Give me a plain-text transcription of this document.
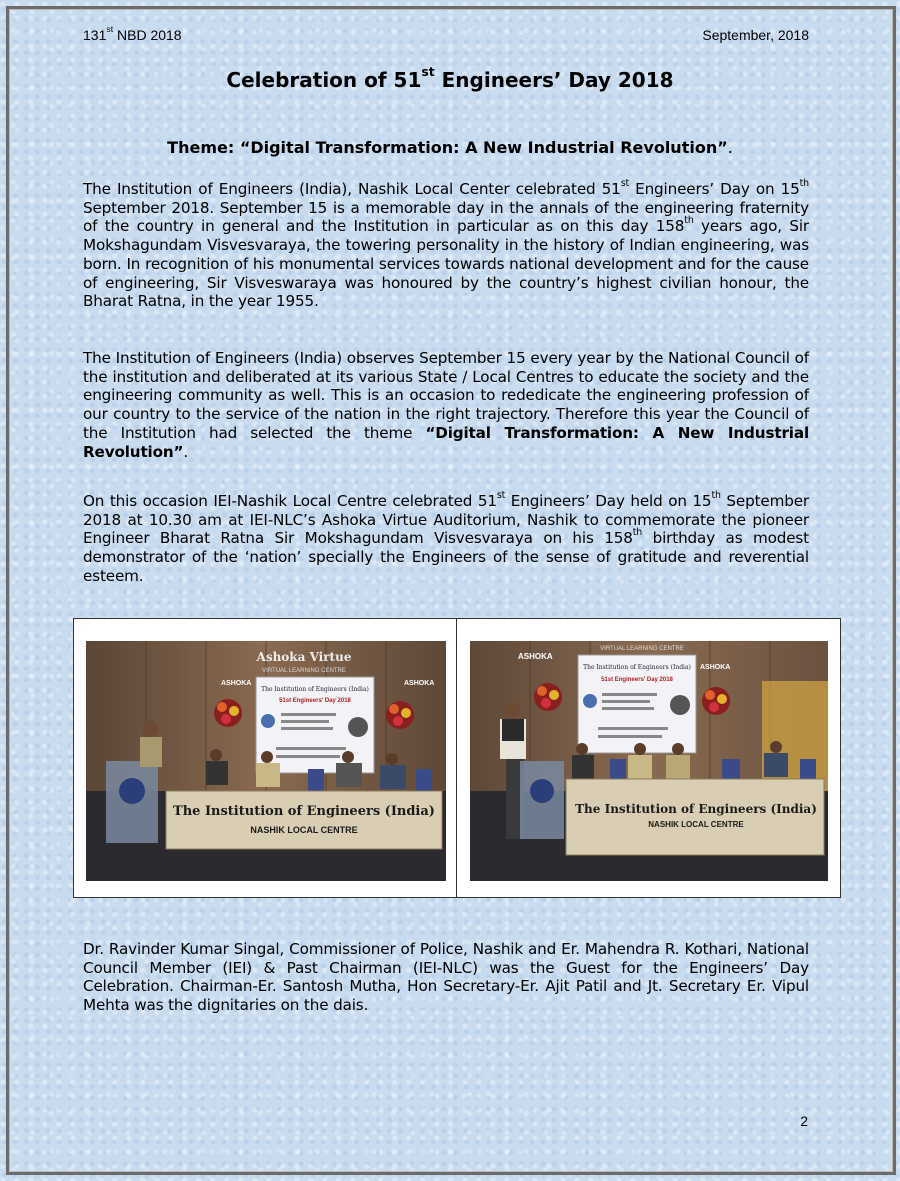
131st NBD 2018	September, 2018
Celebration of 51st Engineers’ Day 2018
Theme: “Digital Transformation: A New Industrial Revolution”.
The Institution of Engineers (India), Nashik Local Center celebrated 51st Engineers’ Day on 15th September 2018. September 15 is a memorable day in the annals of the engineering fraternity of the country in general and the Institution in particular as on this day 158th years ago, Sir Mokshagundam Visvesvaraya, the towering personality in the history of Indian engineering, was born. In recognition of his monumental services towards national development and for the cause of engineering, Sir Visveswaraya was honoured by the country’s highest civilian honour, the Bharat Ratna, in the year 1955.
The Institution of Engineers (India) observes September 15 every year by the National Council of the institution and deliberated at its various State / Local Centres to educate the society and the engineering community as well. This is an occasion to rededicate the engineering profession of our country to the service of the nation in the right trajectory. Therefore this year the Council of the Institution had selected the theme “Digital Transformation: A New Industrial Revolution”.
On this occasion IEI-Nashik Local Centre celebrated 51st Engineers’ Day held on 15th September 2018 at 10.30 am at IEI-NLC’s Ashoka Virtue Auditorium, Nashik to commemorate the pioneer Engineer Bharat Ratna Sir Mokshagundam Visvesvaraya on his 158th birthday as modest demonstrator of the ‘nation’ specially the Engineers of the sense of gratitude and reverential esteem.
Ashoka Virtue
VIRTUAL LEARNING CENTRE
ASHOKA	ASHOKA
The Institution of Engineers (India)
51st Engineers' Day 2018
The Institution of Engineers (India)
NASHIK LOCAL CENTRE
VIRTUAL LEARNING CENTRE
ASHOKA
ASHOKA
The Institution of Engineers (India)
51st Engineers' Day 2018
The Institution of Engineers (India)
NASHIK LOCAL CENTRE
Dr. Ravinder Kumar Singal, Commissioner of Police, Nashik and Er. Mahendra R. Kothari, National Council Member (IEI) & Past Chairman (IEI-NLC) was the Guest for the Engineers’ Day Celebration. Chairman-Er. Santosh Mutha, Hon Secretary-Er. Ajit Patil and Jt. Secretary Er. Vipul Mehta was the dignitaries on the dais.
2
